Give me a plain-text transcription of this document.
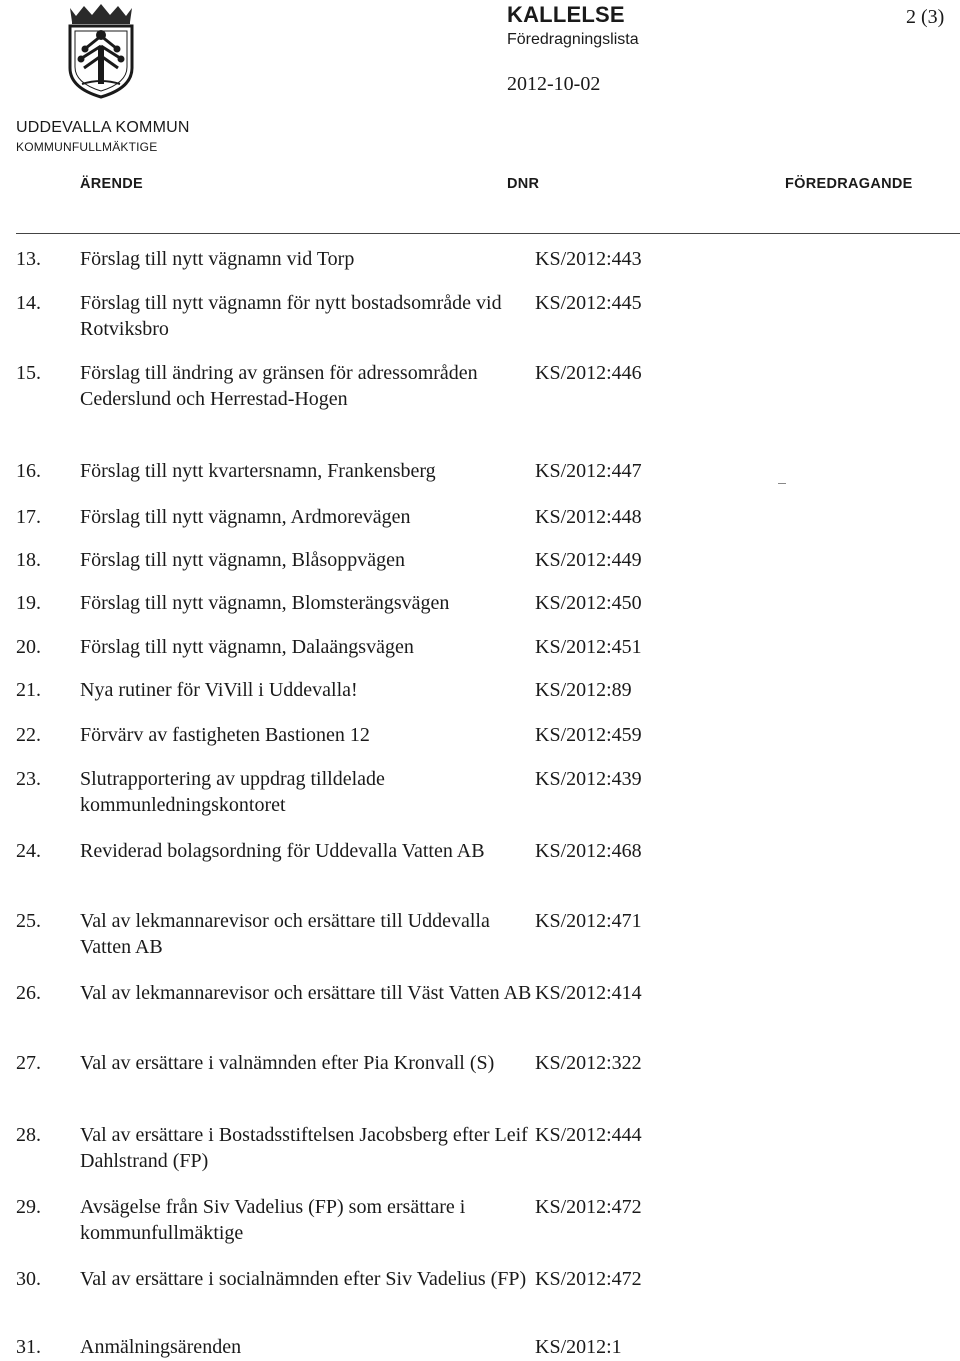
KALLELSE
Föredragningslista
2 (3)
2012-10-02
UDDEVALLA KOMMUN
KOMMUNFULLMÄKTIGE
ÄRENDE	DNR	FÖREDRAGANDE
13. Förslag till nytt vägnamn vid Torp	KS/2012:443
14. Förslag till nytt vägnamn för nytt bostadsområde vid Rotviksbro
KS/2012:445
15. Förslag till ändring av gränsen för adressområden Cederslund och Herrestad-Hogen
KS/2012:446
16. Förslag till nytt kvartersnamn, Frankensberg	KS/2012:447
17. Förslag till nytt vägnamn, Ardmorevägen	KS/2012:448
18. Förslag till nytt vägnamn, Blåsoppvägen	KS/2012:449
19. Förslag till nytt vägnamn, Blomsterängsvägen	KS/2012:450
20. Förslag till nytt vägnamn, Dalaängsvägen	KS/2012:451
21. Nya rutiner för ViVill i Uddevalla!	KS/2012:89
22. Förvärv av fastigheten Bastionen 12	KS/2012:459
23. Slutrapportering av uppdrag tilldelade kommunledningskontoret
KS/2012:439
24. Reviderad bolagsordning för Uddevalla Vatten AB	KS/2012:468
25. Val av lekmannarevisor och ersättare till Uddevalla Vatten AB
KS/2012:471
26. Val av lekmannarevisor och ersättare till Väst Vatten AB KS/2012:414
27. Val av ersättare i valnämnden efter Pia Kronvall (S)	KS/2012:322
28. Val av ersättare i Bostadsstiftelsen Jacobsberg efter Leif Dahlstrand (FP)
KS/2012:444
29. Avsägelse från Siv Vadelius (FP) som ersättare i kommunfullmäktige
KS/2012:472
30. Val av ersättare i socialnämnden efter Siv Vadelius (FP) KS/2012:472
31. Anmälningsärenden	KS/2012:1
